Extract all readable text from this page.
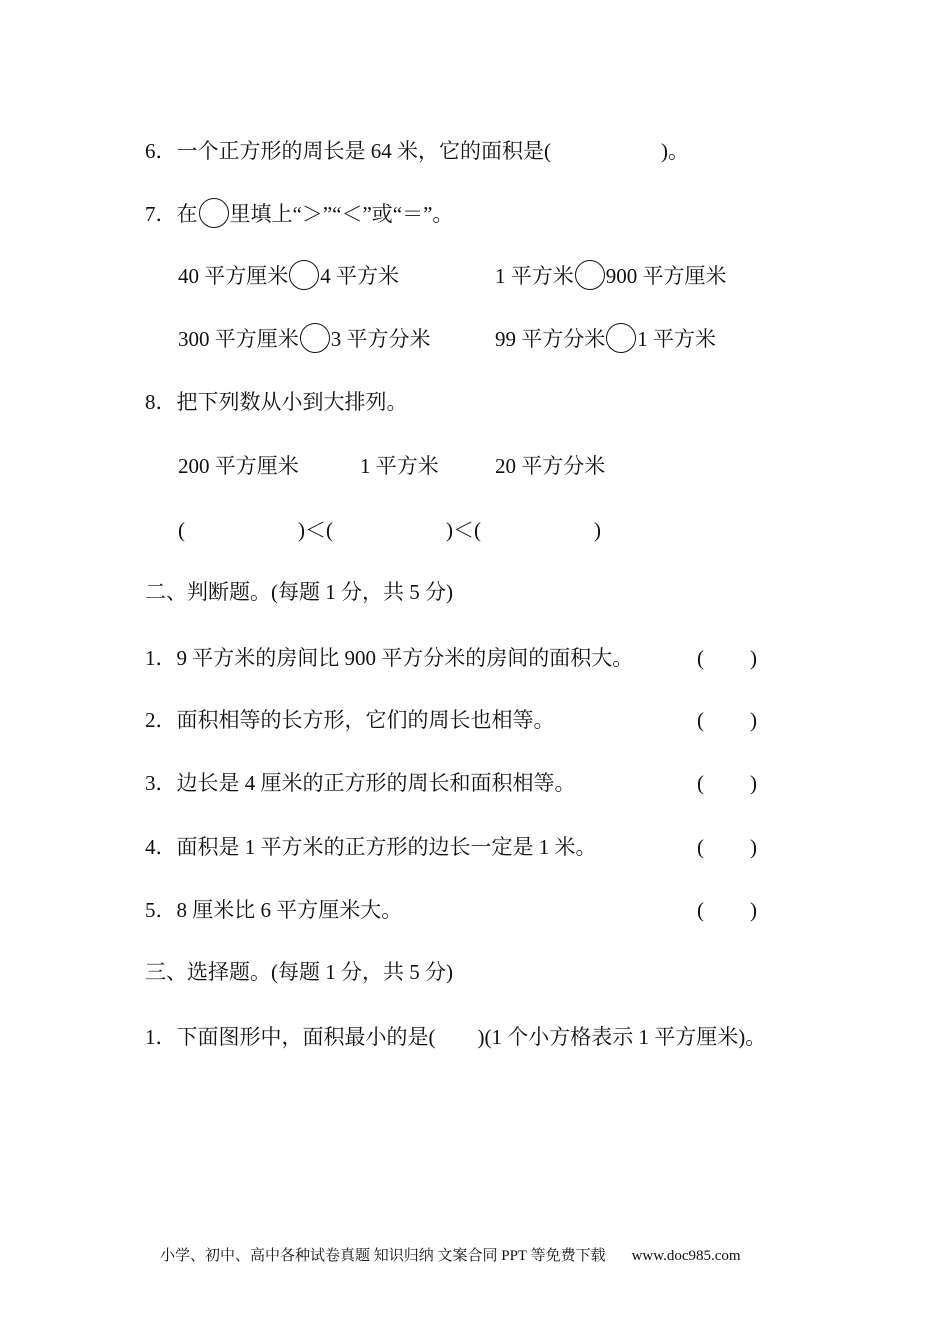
6．一个正方形的周长是 64 米，它的面积是(	)。
7．在 里填上“＞”“＜”或“＝”。
40 平方厘米 4 平方米	1 平方米 900 平方厘米
300 平方厘米 3 平方分米	99 平方分米 1 平方米
8．把下列数从小到大排列。
200 平方厘米	1 平方米	20 平方分米
(	)＜(	)＜(	)
二、判断题。(每题 1 分，共 5 分)
1．9 平方米的房间比 900 平方分米的房间的面积大。	( )
2．面积相等的长方形，它们的周长也相等。	( )
3．边长是 4 厘米的正方形的周长和面积相等。	( )
4．面积是 1 平方米的正方形的边长一定是 1 米。	( )
5．8 厘米比 6 平方厘米大。	( )
三、选择题。(每题 1 分，共 5 分)
1．下面图形中，面积最小的是( )(1 个小方格表示 1 平方厘米)。
小学、初中、高中各种试卷真题 知识归纳 文案合同 PPT 等免费下载 www.doc985.com
